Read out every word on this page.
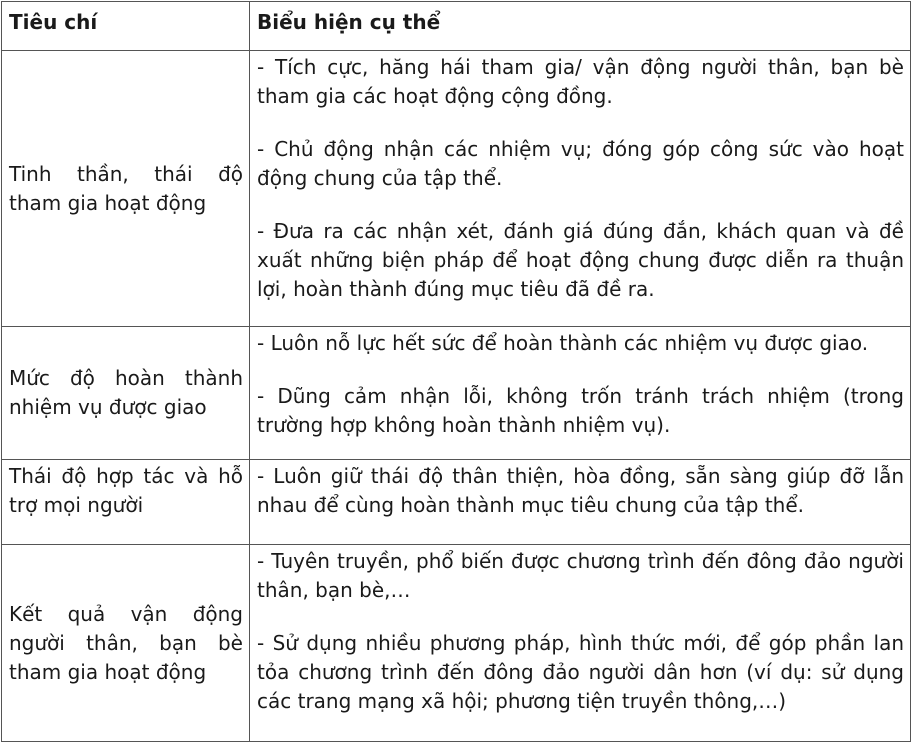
Tiêu chí	Biểu hiện cụ thể
Tinh thần, thái độ tham gia hoạt động	- Tích cực, hăng hái tham gia/ vận động người thân, bạn bè tham gia các hoạt động cộng đồng.

- Chủ động nhận các nhiệm vụ; đóng góp công sức vào hoạt động chung của tập thể.

- Đưa ra các nhận xét, đánh giá đúng đắn, khách quan và đề xuất những biện pháp để hoạt động chung được diễn ra thuận lợi, hoàn thành đúng mục tiêu đã đề ra.

Mức độ hoàn thành nhiệm vụ được giao	- Luôn nỗ lực hết sức để hoàn thành các nhiệm vụ được giao.

- Dũng cảm nhận lỗi, không trốn tránh trách nhiệm (trong trường hợp không hoàn thành nhiệm vụ).

Thái độ hợp tác và hỗ trợ mọi người	- Luôn giữ thái độ thân thiện, hòa đồng, sẵn sàng giúp đỡ lẫn nhau để cùng hoàn thành mục tiêu chung của tập thể.

Kết quả vận động người thân, bạn bè tham gia hoạt động	- Tuyên truyền, phổ biến được chương trình đến đông đảo người thân, bạn bè,…

- Sử dụng nhiều phương pháp, hình thức mới, để góp phần lan tỏa chương trình đến đông đảo người dân hơn (ví dụ: sử dụng các trang mạng xã hội; phương tiện truyền thông,…)
